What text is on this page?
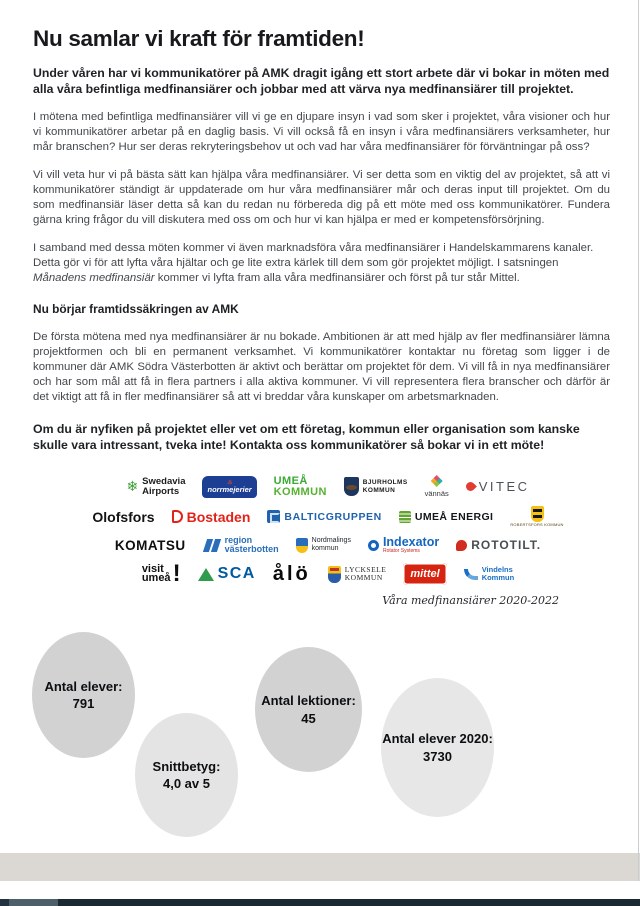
Nu samlar vi kraft för framtiden!

Under våren har vi kommunikatörer på AMK dragit igång ett stort arbete där vi bokar in möten med alla våra befintliga medfinansiärer och jobbar med att värva nya medfinansiärer till projektet.

I mötena med befintliga medfinansiärer vill vi ge en djupare insyn i vad som sker i projektet, våra visioner och hur vi kommunikatörer arbetar på en daglig basis. Vi vill också få en insyn i våra medfinansiärers verksamheter, hur mår branschen? Hur ser deras rekryteringsbehov ut och vad har våra medfinansiärer för förväntningar på oss?

Vi vill veta hur vi på bästa sätt kan hjälpa våra medfinansiärer. Vi ser detta som en viktig del av projektet, så att vi kommunikatörer ständigt är uppdaterade om hur våra medfinansiärer mår och deras input till projektet. Om du som medfinansiär läser detta så kan du redan nu förbereda dig på ett möte med oss kommunikatörer. Fundera gärna kring frågor du vill diskutera med oss om och hur vi kan hjälpa er med er kompetensförsörjning.

I samband med dessa möten kommer vi även marknadsföra våra medfinansiärer i Handelskammarens kanaler. Detta gör vi för att lyfta våra hjältar och ge lite extra kärlek till dem som gör projektet möjligt. I satsningen Månadens medfinansiär kommer vi lyfta fram alla våra medfinansiärer och först på tur står Mittel.

Nu börjar framtidssäkringen av AMK

De första mötena med nya medfinansiärer är nu bokade. Ambitionen är att med hjälp av fler medfinansiärer lämna projektformen och bli en permanent verksamhet. Vi kommunikatörer kontaktar nu företag som ligger i de kommuner där AMK Södra Västerbotten är aktivt och berättar om projektet för dem. Vi vill få in nya medfinansiärer och har som mål att få in flera partners i alla aktiva kommuner. Vi vill representera flera branscher och därför är det viktigt att få in fler medfinansiärer så att vi breddar våra kunskaper om arbetsmarknaden.

Om du är nyfiken på projektet eller vet om ett företag, kommun eller organisation som kanske skulle vara intressant, tveka inte! Kontakta oss kommunikatörer så bokar vi in ett möte!

❄
Swedavia
Airports
♨	norrmejerier
UMEÅ
KOMMUN
BJURHOLMS
KOMMUN	vännäs VITEC
Olofsfors Bostaden	BALTICGRUPPEN	UMEÅ ENERGI
ROBERTSFORS KOMMUN
KOMATSU	region
västerbotten
Nordmalings
kommun	Indexator
Rotator Systems	ROTOTILT.
visit
umeå ! SCA ålö	LYCKSELE
KOMMUN	mittel	Vindelns
Kommun
Våra medfinansiärer 2020-2022
Antal elever:
791
Snittbetyg:
4,0 av 5
Antal lektioner:
45
Antal elever 2020:
3730
